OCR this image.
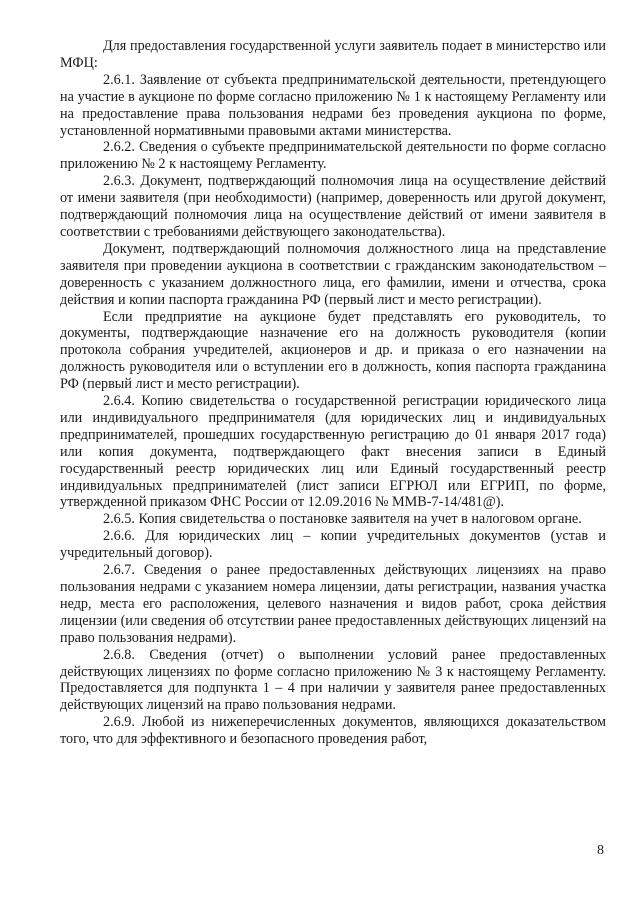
Для предоставления государственной услуги заявитель подает в министерство или МФЦ:

2.6.1. Заявление от субъекта предпринимательской деятельности, претендующего на участие в аукционе по форме согласно приложению № 1 к настоящему Регламенту или на предоставление права пользования недрами без проведения аукциона по форме, установленной нормативными правовыми актами министерства.

2.6.2. Сведения о субъекте предпринимательской деятельности по форме согласно приложению № 2 к настоящему Регламенту.

2.6.3. Документ, подтверждающий полномочия лица на осуществление действий от имени заявителя (при необходимости) (например, доверенность или другой документ, подтверждающий полномочия лица на осуществление действий от имени заявителя в соответствии с требованиями действующего законодательства).

Документ, подтверждающий полномочия должностного лица на представление заявителя при проведении аукциона в соответствии с гражданским законодательством – доверенность с указанием должностного лица, его фамилии, имени и отчества, срока действия и копии паспорта гражданина РФ (первый лист и место регистрации).

Если предприятие на аукционе будет представлять его руководитель, то документы, подтверждающие назначение его на должность руководителя (копии протокола собрания учредителей, акционеров и др. и приказа о его назначении на должность руководителя или о вступлении его в должность, копия паспорта гражданина РФ (первый лист и место регистрации).

2.6.4. Копию свидетельства о государственной регистрации юридического лица или индивидуального предпринимателя (для юридических лиц и индивидуальных предпринимателей, прошедших государственную регистрацию до 01 января 2017 года) или копия документа, подтверждающего факт внесения записи в Единый государственный реестр юридических лиц или Единый государственный реестр индивидуальных предпринимателей (лист записи ЕГРЮЛ или ЕГРИП, по форме, утвержденной приказом ФНС России от 12.09.2016 № ММВ-7-14/481@).

2.6.5. Копия свидетельства о постановке заявителя на учет в налоговом органе.

2.6.6. Для юридических лиц – копии учредительных документов (устав и учредительный договор).

2.6.7. Сведения о ранее предоставленных действующих лицензиях на право пользования недрами с указанием номера лицензии, даты регистрации, названия участка недр, места его расположения, целевого назначения и видов работ, срока действия лицензии (или сведения об отсутствии ранее предоставленных действующих лицензий на право пользования недрами).

2.6.8. Сведения (отчет) о выполнении условий ранее предоставленных действующих лицензиях по форме согласно приложению № 3 к настоящему Регламенту. Предоставляется для подпункта 1 – 4 при наличии у заявителя ранее предоставленных действующих лицензий на право пользования недрами.

2.6.9. Любой из нижеперечисленных документов, являющихся доказательством того, что для эффективного и безопасного проведения работ,

8
